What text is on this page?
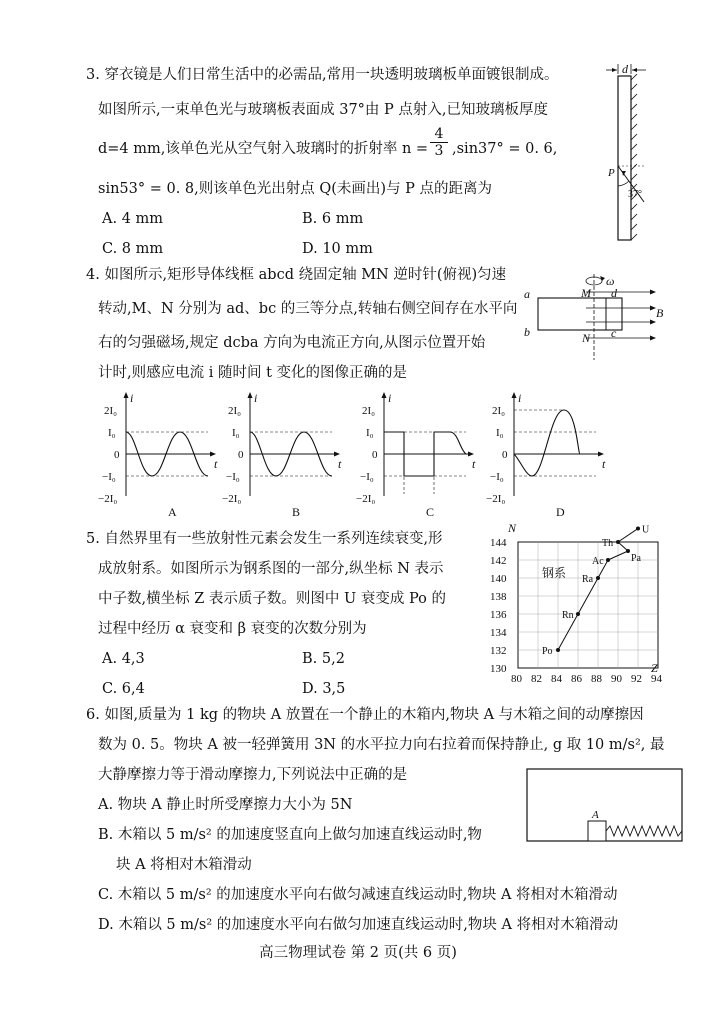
3. 穿衣镜是人们日常生活中的必需品,常用一块透明玻璃板单面镀银制成。
如图所示,一束单色光与玻璃板表面成 37°由 P 点射入,已知玻璃板厚度
d=4 mm,该单色光从空气射入玻璃时的折射率 n =
4
3 ,sin37° = 0. 6,
sin53° = 0. 8,则该单色光出射点 Q(未画出)与 P 点的距离为
A. 4 mm	B. 6 mm
C. 8 mm	D. 10 mm
d
P
37°
4. 如图所示,矩形导体线框 abcd 绕固定轴 MN 逆时针(俯视)匀速
转动,M、N 分别为 ad、bc 的三等分点,转轴右侧空间存在水平向
右的匀强磁场,规定 dcba 方向为电流正方向,从图示位置开始
计时,则感应电流 i 随时间 t 变化的图像正确的是
ω
a
b	c
d
M
N
B
i
t
2I₀
I₀
0
−I₀
−2I₀
A
i
t
2I₀
I₀
0
−I₀
−2I₀
B
i
t
2I₀
I₀
0
−I₀
−2I₀
C
i
t
2I₀
I₀
0
−I₀
−2I₀
D
5. 自然界里有一些放射性元素会发生一系列连续衰变,形
成放射系。如图所示为钢系图的一部分,纵坐标 N 表示
中子数,横坐标 Z 表示质子数。则图中 U 衰变成 Po 的
过程中经历 α 衰变和 β 衰变的次数分别为
A. 4,3	B. 5,2
C. 6,4	D. 3,5
N
Z
钢系
80 82 84 86 88 90 92 94
130
132
134
136
138
140
142
144
U
Th
Pa
Ac
Ra
Rn
Po
6. 如图,质量为 1 kg 的物块 A 放置在一个静止的木箱内,物块 A 与木箱之间的动摩擦因
数为 0. 5。物块 A 被一轻弹簧用 3N 的水平拉力向右拉着而保持静止, g 取 10 m/s², 最
大静摩擦力等于滑动摩擦力,下列说法中正确的是
A. 物块 A 静止时所受摩擦力大小为 5N
B. 木箱以 5 m/s² 的加速度竖直向上做匀加速直线运动时,物
块 A 将相对木箱滑动
C. 木箱以 5 m/s² 的加速度水平向右做匀减速直线运动时,物块 A 将相对木箱滑动
D. 木箱以 5 m/s² 的加速度水平向右做匀加速直线运动时,物块 A 将相对木箱滑动
A
高三物理试卷 第 2 页(共 6 页)
